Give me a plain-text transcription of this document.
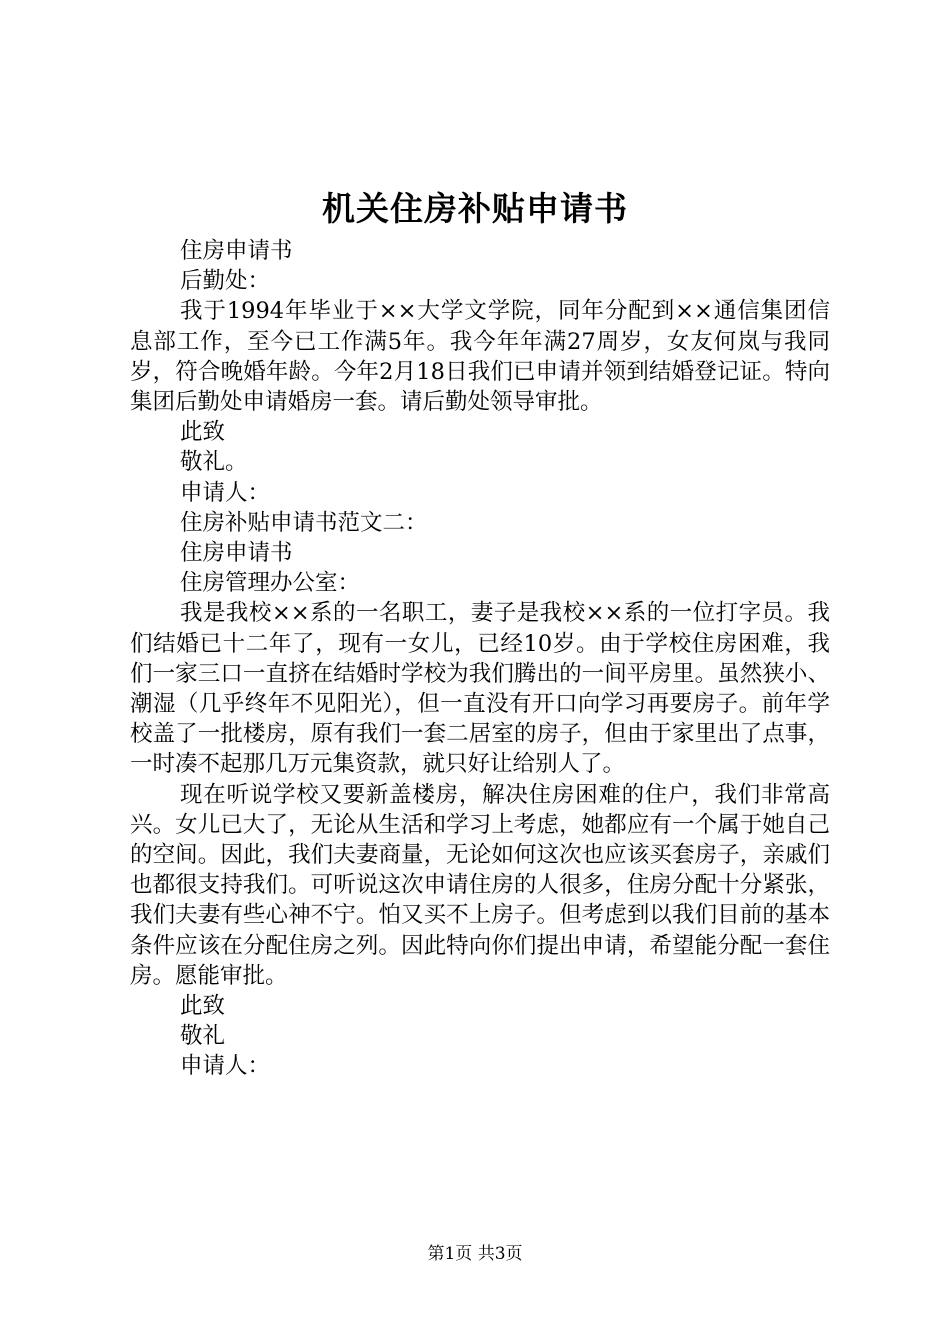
机关住房补贴申请书

住房申请书

后勤处：

我于1994年毕业于××大学文学院，同年分配到××通信集团信息部工作，至今已工作满5年。我今年年满27周岁，女友何岚与我同岁，符合晚婚年龄。今年2月18日我们已申请并领到结婚登记证。特向集团后勤处申请婚房一套。请后勤处领导审批。

此致

敬礼。

申请人：

住房补贴申请书范文二：

住房申请书

住房管理办公室：

我是我校××系的一名职工，妻子是我校××系的一位打字员。我们结婚已十二年了，现有一女儿，已经10岁。由于学校住房困难，我们一家三口一直挤在结婚时学校为我们腾出的一间平房里。虽然狭小、潮湿（几乎终年不见阳光），但一直没有开口向学习再要房子。前年学校盖了一批楼房，原有我们一套二居室的房子，但由于家里出了点事，一时凑不起那几万元集资款，就只好让给别人了。

现在听说学校又要新盖楼房，解决住房困难的住户，我们非常高兴。女儿已大了，无论从生活和学习上考虑，她都应有一个属于她自己的空间。因此，我们夫妻商量，无论如何这次也应该买套房子，亲戚们也都很支持我们。可听说这次申请住房的人很多，住房分配十分紧张，我们夫妻有些心神不宁。怕又买不上房子。但考虑到以我们目前的基本条件应该在分配住房之列。因此特向你们提出申请，希望能分配一套住房。愿能审批。

此致

敬礼

申请人：

第1页 共3页
